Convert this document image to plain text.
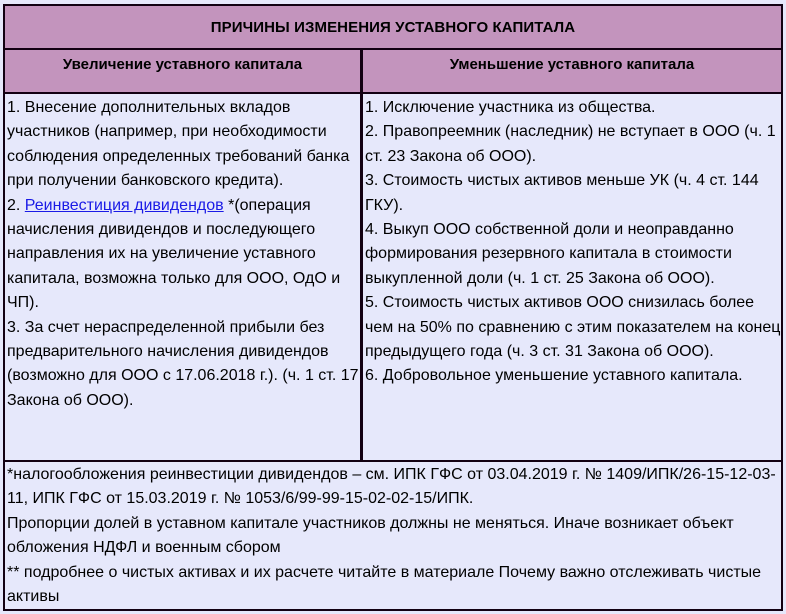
ПРИЧИНЫ ИЗМЕНЕНИЯ УСТАВНОГО КАПИТАЛА
Увеличение уставного капитала	Уменьшение уставного капитала

1. Внесение дополнительных вкладов участников (например, при необходимости соблюдения определенных требований банка при получении банковского кредита).

2. Реинвестиция дивидендов *(операция начисления дивидендов и последующего направления их на увеличение уставного капитала, возможна только для ООО, ОдО и ЧП).

3. За счет нераспределенной прибыли без предварительного начисления дивидендов (возможно для ООО с 17.06.2018 г.). (ч. 1 ст. 17 Закона об ООО).

1. Исключение участника из общества.

2. Правопреемник (наследник) не вступает в ООО (ч. 1 ст. 23 Закона об ООО).

3. Стоимость чистых активов меньше УК (ч. 4 ст. 144 ГКУ).

4. Выкуп ООО собственной доли и неоправданно формирования резервного капитала в стоимости выкупленной доли (ч. 1 ст. 25 Закона об ООО).

5. Стоимость чистых активов ООО снизилась более чем на 50% по сравнению с этим показателем на конец предыдущего года (ч. 3 ст. 31 Закона об ООО).

6. Добровольное уменьшение уставного капитала.

*налогообложения реинвестиции дивидендов – см. ИПК ГФС от 03.04.2019 г. № 1409/ИПК/26-15-12-03-11, ИПК ГФС от 15.03.2019 г. № 1053/6/99-99-15-02-02-15/ИПК.

Пропорции долей в уставном капитале участников должны не меняться. Иначе возникает объект обложения НДФЛ и военным сбором

** подробнее о чистых активах и их расчете читайте в материале Почему важно отслеживать чистые активы
